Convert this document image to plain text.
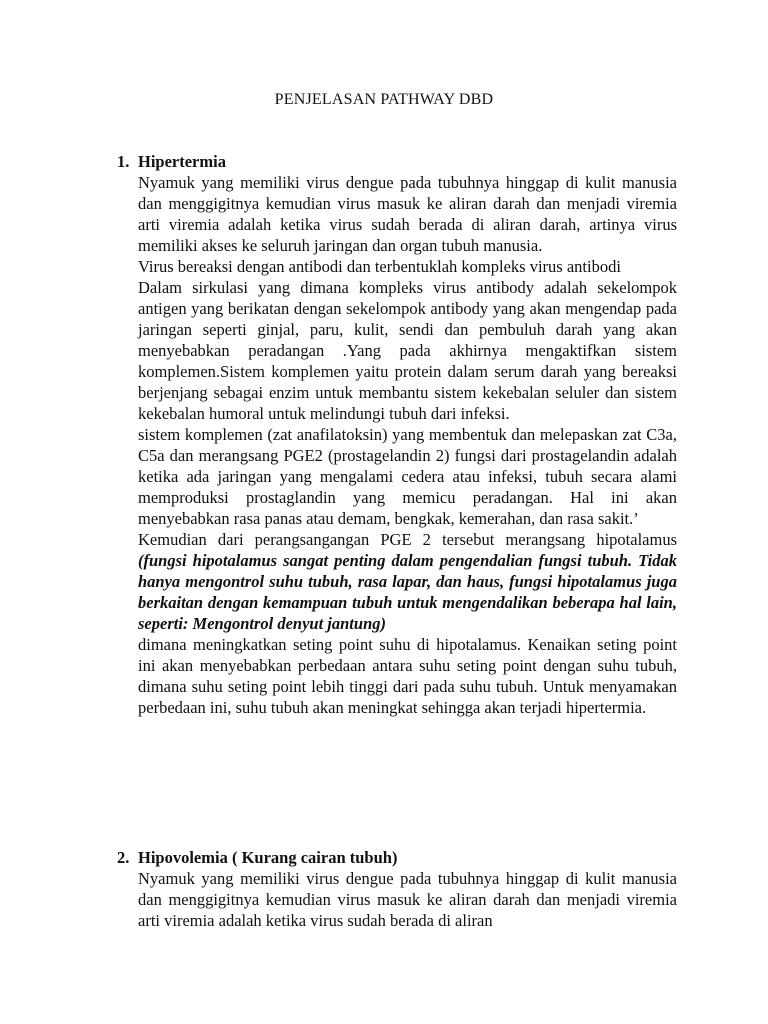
PENJELASAN PATHWAY DBD
1. Hipertermia

Nyamuk yang memiliki virus dengue pada tubuhnya hinggap di kulit manusia dan menggigitnya kemudian virus masuk ke aliran darah dan menjadi viremia arti viremia adalah ketika virus sudah berada di aliran darah, artinya virus memiliki akses ke seluruh jaringan dan organ tubuh manusia.

Virus bereaksi dengan antibodi dan terbentuklah kompleks virus antibodi

Dalam sirkulasi yang dimana kompleks virus antibody adalah sekelompok antigen yang berikatan dengan sekelompok antibody yang akan mengendap pada jaringan seperti ginjal, paru, kulit, sendi dan pembuluh darah yang akan menyebabkan peradangan .Yang pada akhirnya mengaktifkan sistem komplemen.Sistem komplemen yaitu protein dalam serum darah yang bereaksi berjenjang sebagai enzim untuk membantu sistem kekebalan seluler dan sistem kekebalan humoral untuk melindungi tubuh dari infeksi.

sistem komplemen (zat anafilatoksin) yang membentuk dan melepaskan zat C3a, C5a dan merangsang PGE2 (prostagelandin 2) fungsi dari prostagelandin adalah ketika ada jaringan yang mengalami cedera atau infeksi, tubuh secara alami memproduksi prostaglandin yang memicu peradangan. Hal ini akan menyebabkan rasa panas atau demam, bengkak, kemerahan, dan rasa sakit.’

Kemudian dari perangsangangan PGE 2 tersebut merangsang hipotalamus (fungsi hipotalamus sangat penting dalam pengendalian fungsi tubuh. Tidak hanya mengontrol suhu tubuh, rasa lapar, dan haus, fungsi hipotalamus juga berkaitan dengan kemampuan tubuh untuk mengendalikan beberapa hal lain, seperti: Mengontrol denyut jantung)

dimana meningkatkan seting point suhu di hipotalamus. Kenaikan seting point ini akan menyebabkan perbedaan antara suhu seting point dengan suhu tubuh, dimana suhu seting point lebih tinggi dari pada suhu tubuh. Untuk menyamakan perbedaan ini, suhu tubuh akan meningkat sehingga akan terjadi hipertermia.

2. Hipovolemia ( Kurang cairan tubuh)

Nyamuk yang memiliki virus dengue pada tubuhnya hinggap di kulit manusia dan menggigitnya kemudian virus masuk ke aliran darah dan menjadi viremia arti viremia adalah ketika virus sudah berada di aliran
